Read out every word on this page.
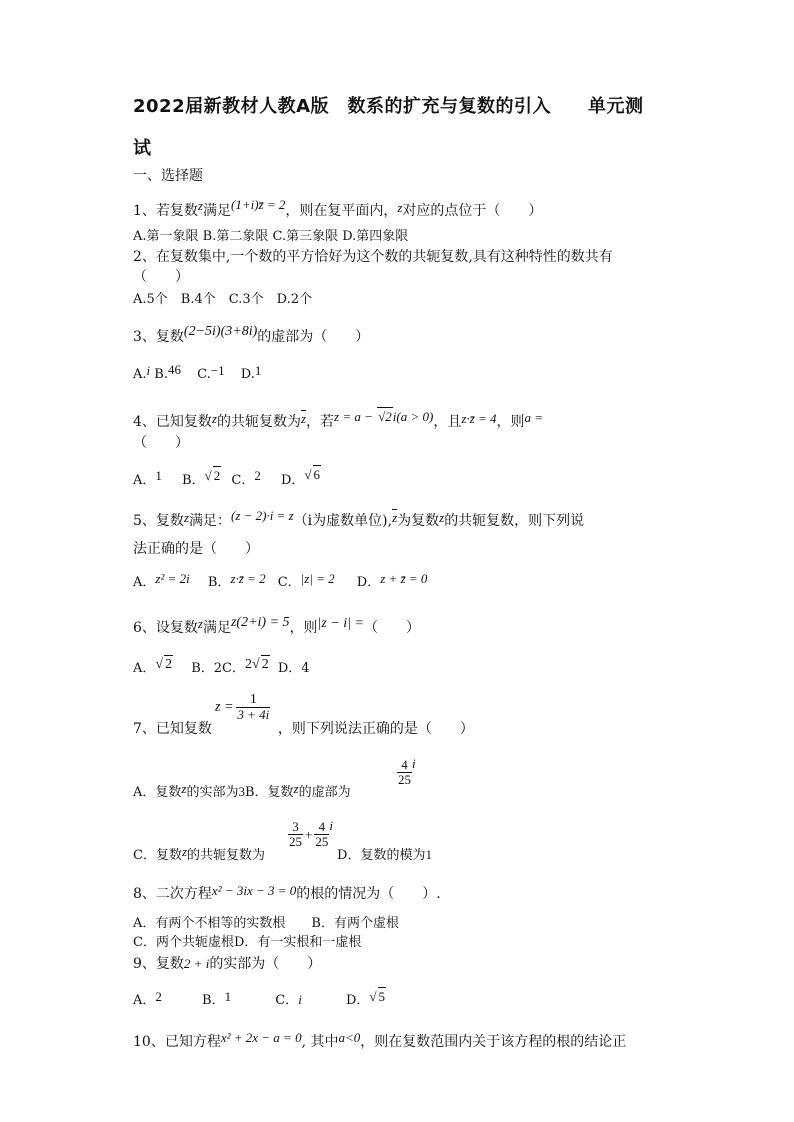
2022届新教材人教A版　数系的扩充与复数的引入　　单元测
试
一、选择题
1、若复数z满足(1+i)z̄ = 2，则在复平面内，z对应的点位于（　　）
A.第一象限 B.第二象限 C.第三象限 D.第四象限
2、在复数集中,一个数的平方恰好为这个数的共轭复数,具有这种特性的数共有
（　　）
A.5个　B.4个　C.3个　D.2个
3、复数(2−5i)(3+8i)的虚部为（　　）
A.i B.46 C.−1 D.1
4、已知复数z的共轭复数为$\overline{z}$，若z = a − √2i(a > 0)，且z·z̄ = 4，则a =
（　　）
A．1 B．√ 2 C．2 D．√ 6
5、复数z满足：(z − 2)·i = z（i为虚数单位)$,\overline{z}$为复数z的共轭复数，则下列说
法正确的是（　　）
A．z² = 2i B．z·z̄ = 2 C．|z| = 2 D．z + z̄ = 0
6、设复数z满足z(2+i) = 5，则|z − i| =（　　）
A．√ 2 B．2C．2√ 2 D．4
$z = \frac{1}{3 + 4i}$
7、已知复数	，则下列说法正确的是（　　）
$\frac{4}{25} ^i$
A．复数z的实部为3B．复数z的虚部为
$\frac{3}{25} + \frac{4}{25} ^i$
C．复数z的共轭复数为	D．复数的模为1
8、二次方程x² − 3ix − 3 = 0的根的情况为（　　）.
A．有两个不相等的实数根　　B．有两个虚根
C．两个共轭虚根D．有一实根和一虚根
9、复数2 + i的实部为（　　）
A．2	B．1	C．i	D．√ 5
10、已知方程x² + 2x − a = 0, 其中a<0，则在复数范围内关于该方程的根的结论正
